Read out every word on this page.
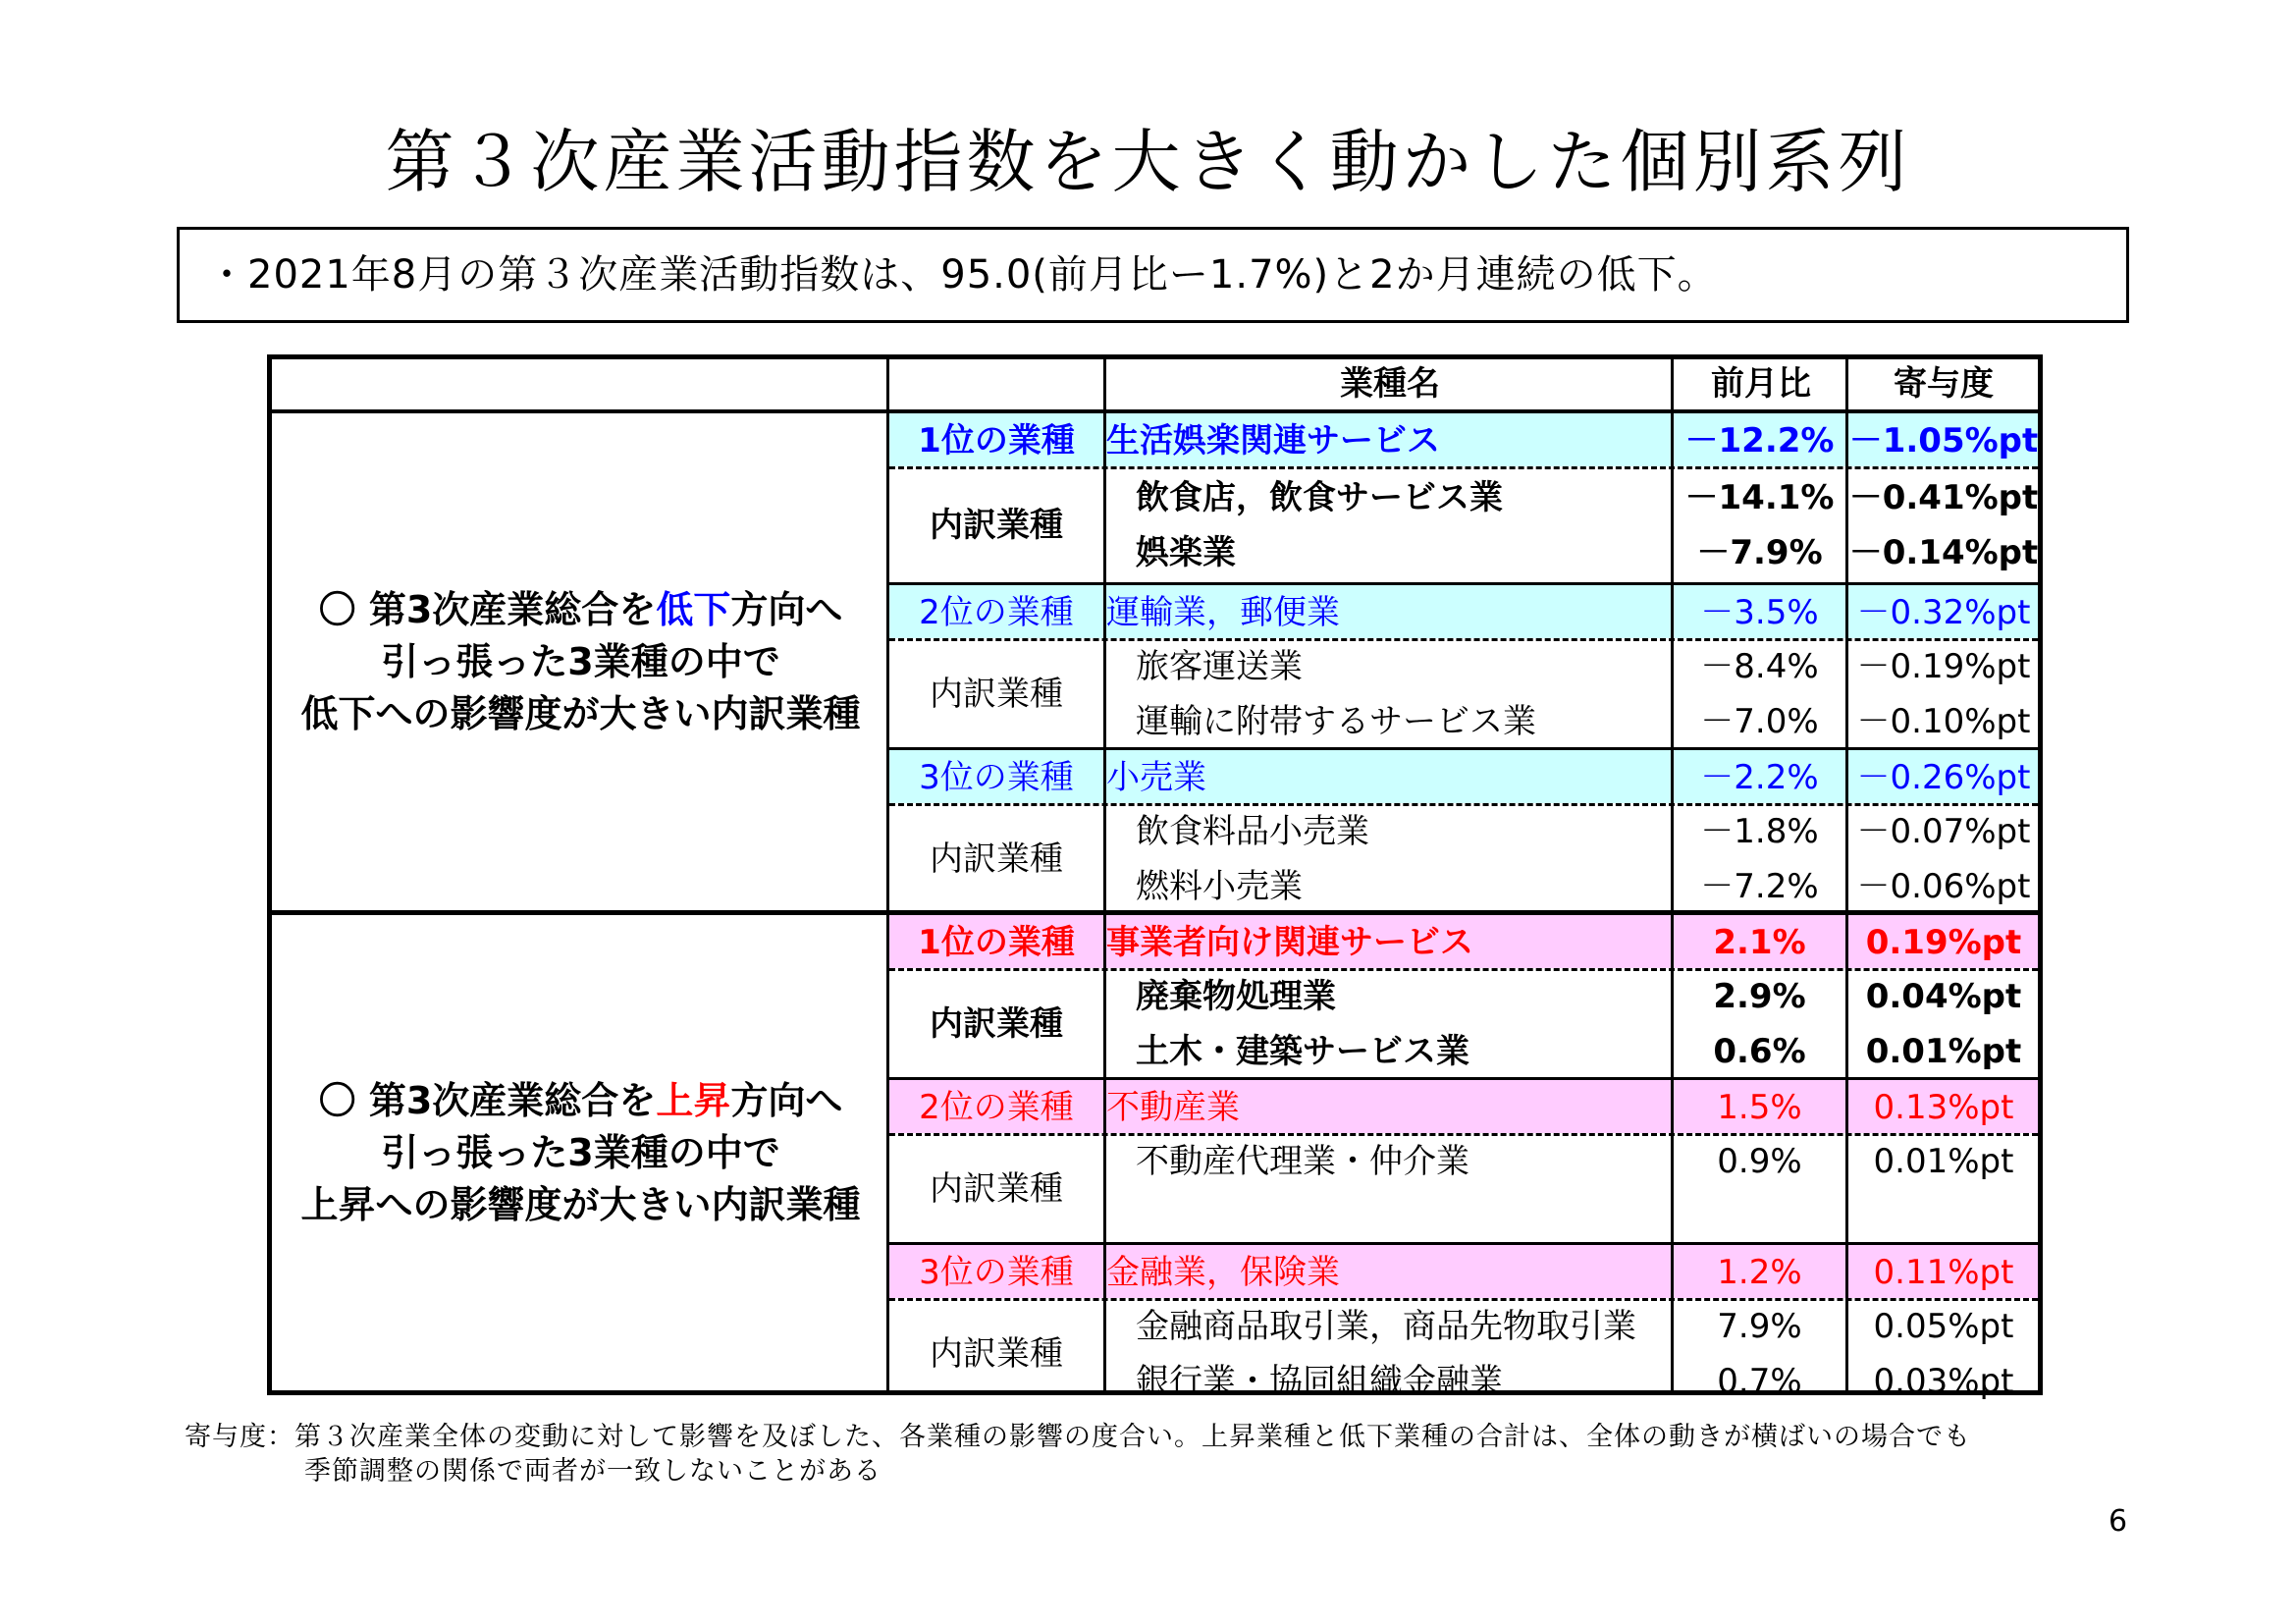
第３次産業活動指数を大きく動かした個別系列
・2021年8月の第３次産業活動指数は、95.0(前月比ー1.7%)と2か月連続の低下。
業種名	前月比	寄与度
1位の業種 生活娯楽関連サービス	－12.2% －1.05%pt
内訳業種
飲食店，飲食サービス業	－14.1% －0.41%pt
娯楽業	－7.9% －0.14%pt
2位の業種 運輸業，郵便業	－3.5%	－0.32%pt
内訳業種
旅客運送業	－8.4%	－0.19%pt
運輸に附帯するサービス業	－7.0%	－0.10%pt
3位の業種 小売業	－2.2%	－0.26%pt
内訳業種
飲食料品小売業	－1.8%	－0.07%pt
燃料小売業	－7.2%	－0.06%pt
1位の業種 事業者向け関連サービス	2.1%	0.19%pt
内訳業種
廃棄物処理業	2.9%	0.04%pt
土木・建築サービス業	0.6%	0.01%pt
2位の業種 不動産業	1.5%	0.13%pt
内訳業種
不動産代理業・仲介業	0.9%	0.01%pt
3位の業種 金融業，保険業	1.2%	0.11%pt
内訳業種
金融商品取引業，商品先物取引業	7.9%	0.05%pt
銀行業・協同組織金融業	0.7%	0.03%pt
〇 第3次産業総合を低下方向へ
引っ張った3業種の中で
低下への影響度が大きい内訳業種
〇 第3次産業総合を上昇方向へ
引っ張った3業種の中で
上昇への影響度が大きい内訳業種
寄与度：第３次産業全体の変動に対して影響を及ぼした、各業種の影響の度合い。上昇業種と低下業種の合計は、全体の動きが横ばいの場合でも
季節調整の関係で両者が一致しないことがある
6
